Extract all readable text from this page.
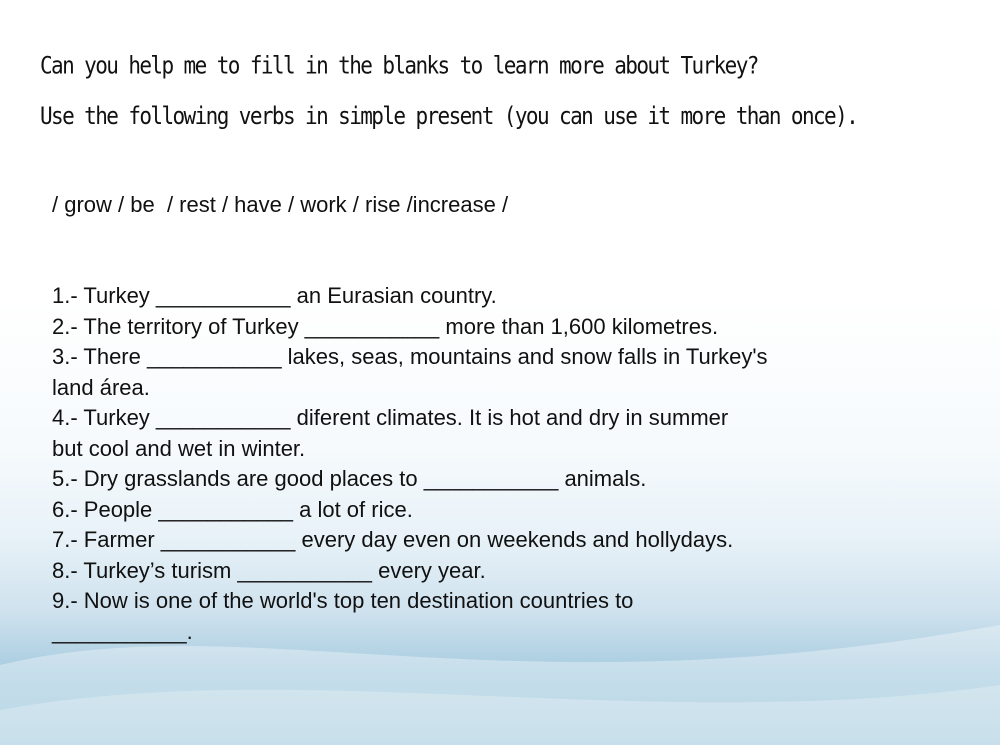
Can you help me to fill in the blanks to learn more about Turkey?
Use the following verbs in simple present (you can use it more than once).
/ grow / be  / rest / have / work / rise /increase /
1.- Turkey ___________ an Eurasian country.
2.- The territory of Turkey ___________ more than 1,600 kilometres.
3.- There ___________ lakes, seas, mountains and snow falls in Turkey's
land área.
4.- Turkey ___________ diferent climates. It is hot and dry in summer
but cool and wet in winter.
5.- Dry grasslands are good places to ___________ animals.
6.- People ___________ a lot of rice.
7.- Farmer ___________ every day even on weekends and hollydays.
8.- Turkey’s turism ___________ every year.
9.- Now is one of the world's top ten destination countries to
___________.
